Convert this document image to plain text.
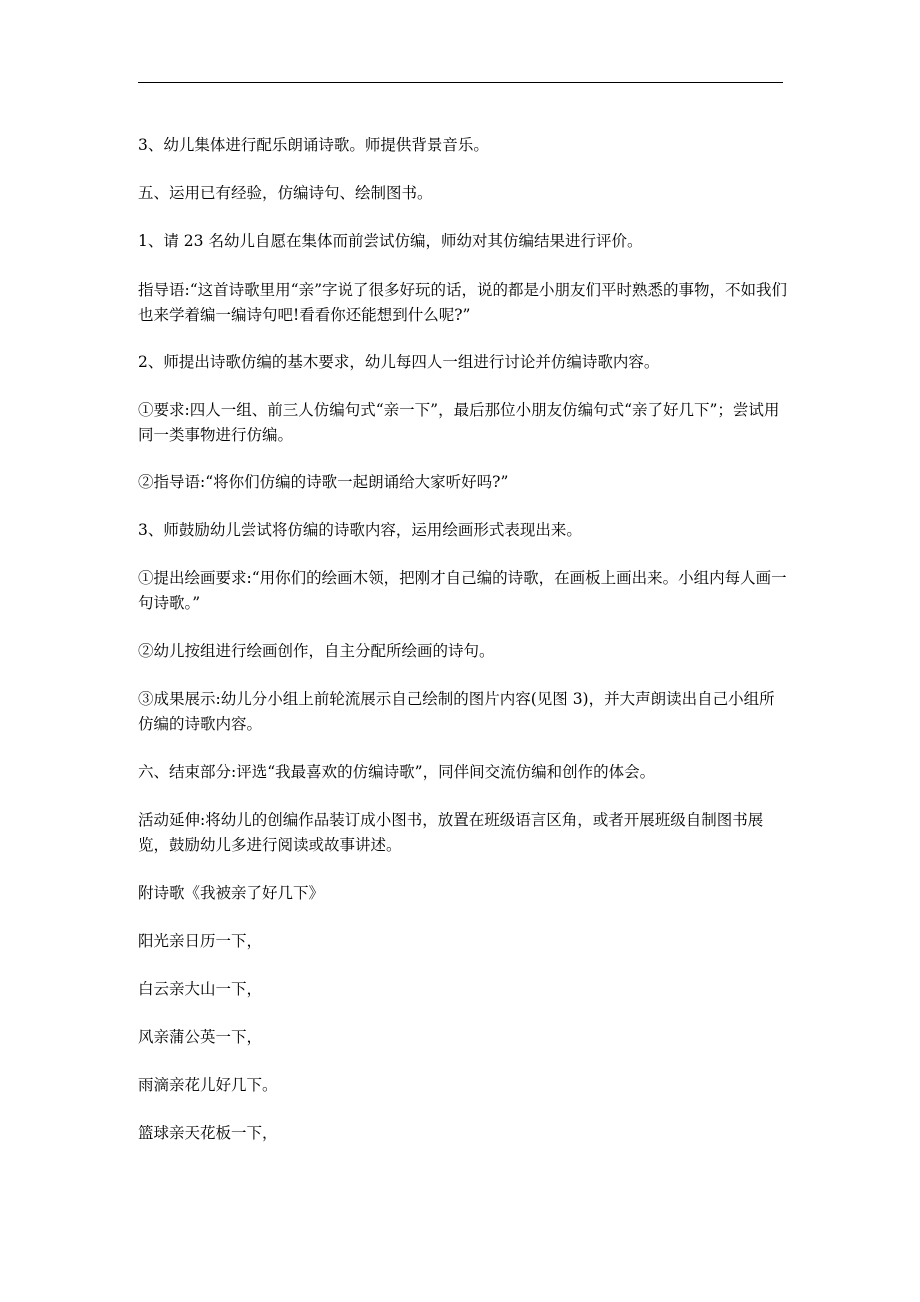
3、幼儿集体进行配乐朗诵诗歌。师提供背景音乐。

五、运用已有经验，仿编诗句、绘制图书。

1、请 23 名幼儿自愿在集体而前尝试仿编，师幼对其仿编结果进行评价。

指导语:“这首诗歌里用“亲”字说了很多好玩的话，说的都是小朋友们平时熟悉的事物，不如我们也来学着编一编诗句吧!看看你还能想到什么呢?”

2、师提出诗歌仿编的基木要求，幼儿每四人一组进行讨论并仿编诗歌内容。

①要求:四人一组、前三人仿编句式“亲一下”，最后那位小朋友仿编句式“亲了好几下”；尝试用同一类事物进行仿编。

②指导语:“将你们仿编的诗歌一起朗诵给大家听好吗?”

3、师鼓励幼儿尝试将仿编的诗歌内容，运用绘画形式表现出来。

①提出绘画要求:“用你们的绘画木领，把刚才自己编的诗歌，在画板上画出来。小组内每人画一句诗歌。”

②幼儿按组进行绘画创作，自主分配所绘画的诗句。

③成果展示:幼儿分小组上前轮流展示自己绘制的图片内容(见图 3)，并大声朗读出自己小组所仿编的诗歌内容。

六、结束部分:评选“我最喜欢的仿编诗歌”，同伴间交流仿编和创作的体会。

活动延伸:将幼儿的创编作品装订成小图书，放置在班级语言区角，或者开展班级自制图书展览，鼓励幼儿多进行阅读或故事讲述。

附诗歌《我被亲了好几下》

阳光亲日历一下，

白云亲大山一下，

风亲蒲公英一下，

雨滴亲花儿好几下。

篮球亲天花板一下，
